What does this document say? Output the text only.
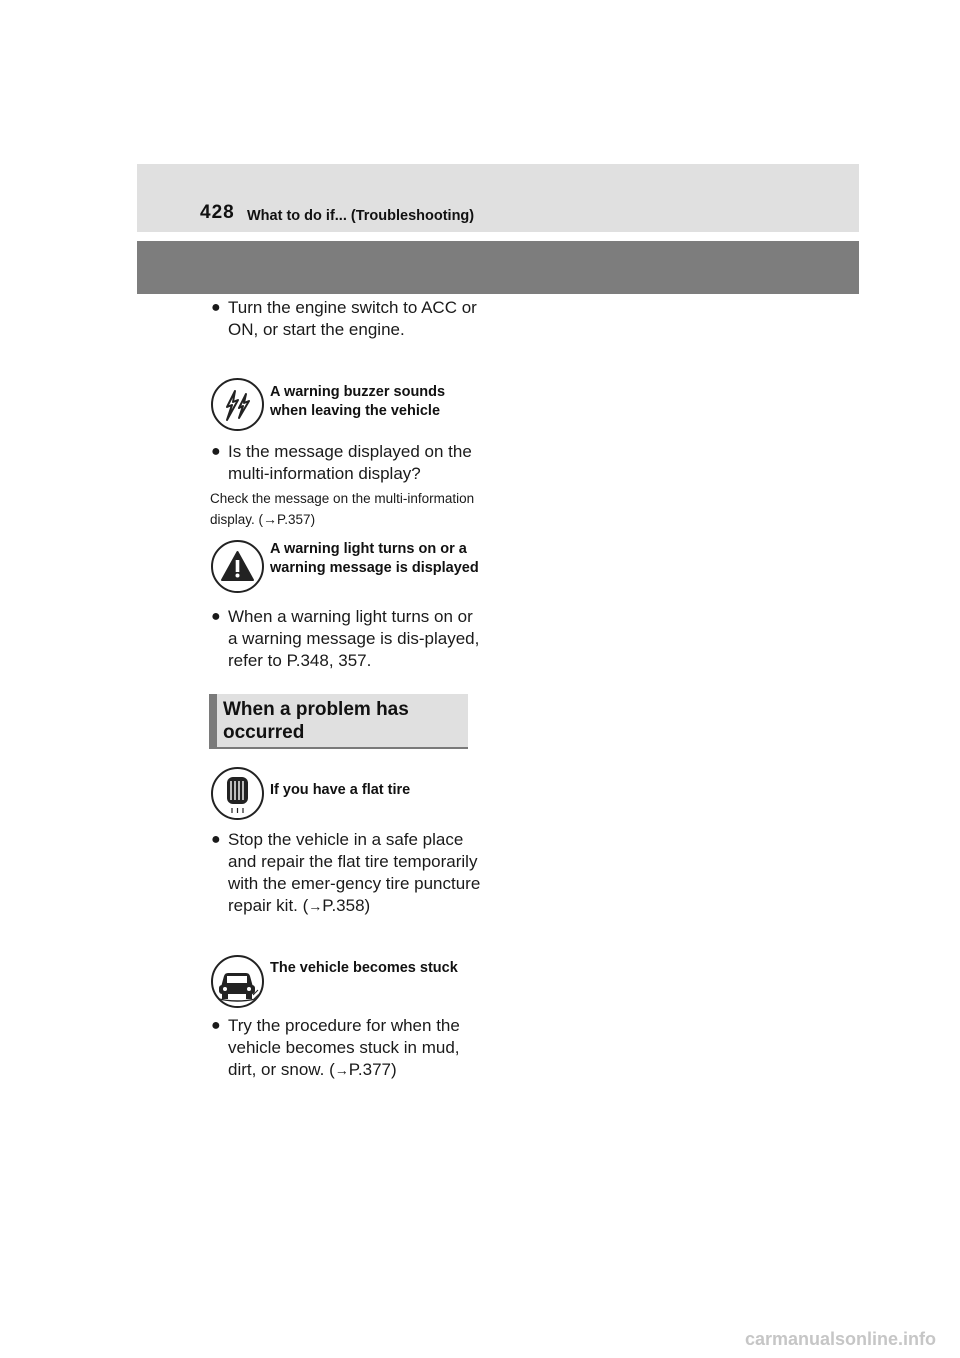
428 What to do if... (Troubleshooting)
● Turn the engine switch to ACC or ON, or start the engine.
A warning buzzer sounds when leaving the vehicle
● Is the message displayed on the multi-information display?
Check the message on the multi-information display. (→P.357)
A warning light turns on or a warning message is displayed
● When a warning light turns on or a warning message is dis-played, refer to P.348, 357.
When a problem has occurred
If you have a flat tire
● Stop the vehicle in a safe place and repair the flat tire temporarily with the emer-gency tire puncture repair kit. (→P.358)
The vehicle becomes stuck
● Try the procedure for when the vehicle becomes stuck in mud, dirt, or snow. (→P.377)
carmanualsonline.info
